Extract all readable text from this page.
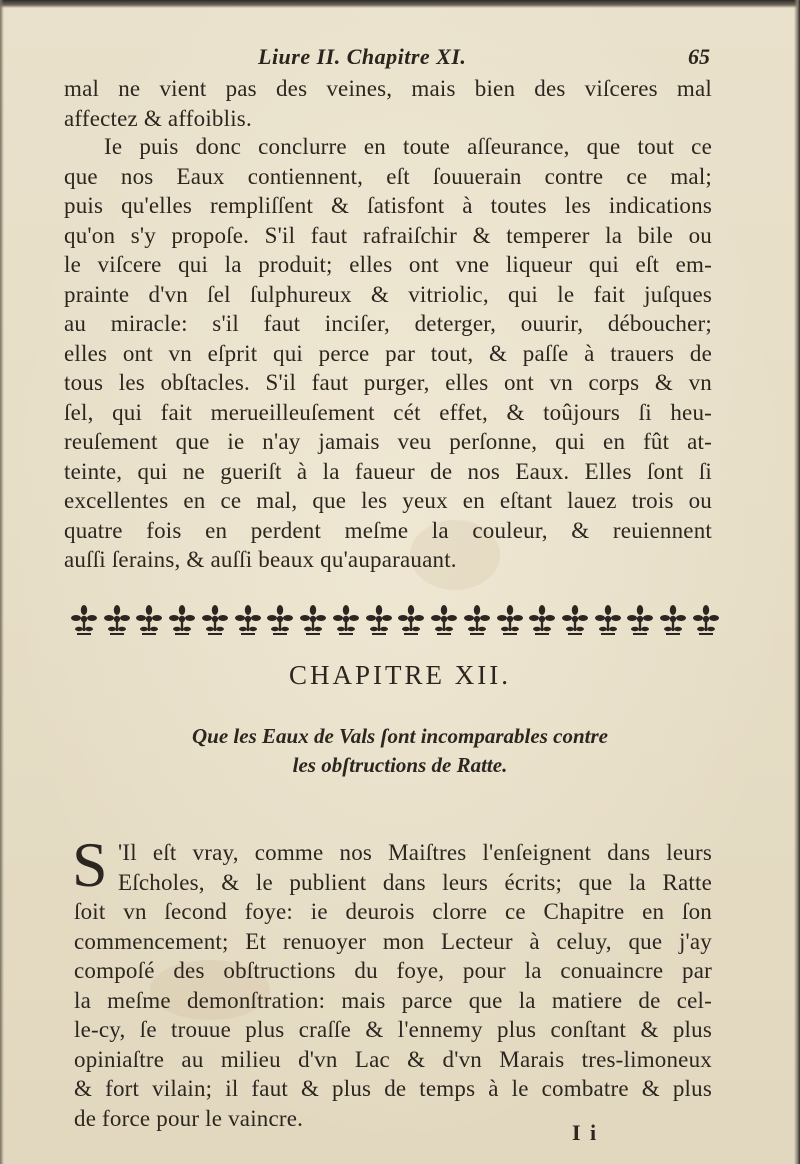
Liure II. Chapitre XI.	65
mal ne vient pas des veines, mais bien des viſceres mal
affectez & affoiblis.
Ie puis donc conclurre en toute aſſeurance, que tout ce
que nos Eaux contiennent, eſt ſouuerain contre ce mal;
puis qu'elles rempliſſent & ſatisfont à toutes les indications
qu'on s'y propoſe. S'il faut rafraiſchir & temperer la bile ou
le viſcere qui la produit; elles ont vne liqueur qui eſt em-
prainte d'vn ſel ſulphureux & vitriolic, qui le fait juſques
au miracle: s'il faut inciſer, deterger, ouurir, déboucher;
elles ont vn eſprit qui perce par tout, & paſſe à trauers de
tous les obſtacles. S'il faut purger, elles ont vn corps & vn
ſel, qui fait merueilleuſement cét effet, & toûjours ſi heu-
reuſement que ie n'ay jamais veu perſonne, qui en fût at-
teinte, qui ne gueriſt à la faueur de nos Eaux. Elles ſont ſi
excellentes en ce mal, que les yeux en eſtant lauez trois ou
quatre fois en perdent meſme la couleur, & reuiennent
auſſi ſerains, & auſſi beaux qu'auparauant.
CHAPITRE XII.
Que les Eaux de Vals ſont incomparables contre
les obſtructions de Ratte.
S 'Il eſt vray, comme nos Maiſtres l'enſeignent dans leurs
Eſcholes, & le publient dans leurs écrits; que la Ratte
ſoit vn ſecond foye: ie deurois clorre ce Chapitre en ſon
commencement; Et renuoyer mon Lecteur à celuy, que j'ay
compoſé des obſtructions du foye, pour la conuaincre par
la meſme demonſtration: mais parce que la matiere de cel-
le-cy, ſe trouue plus craſſe & l'ennemy plus conſtant & plus
opiniaſtre au milieu d'vn Lac & d'vn Marais tres-limoneux
& fort vilain; il faut & plus de temps à le combatre & plus
de force pour le vaincre.
I i
